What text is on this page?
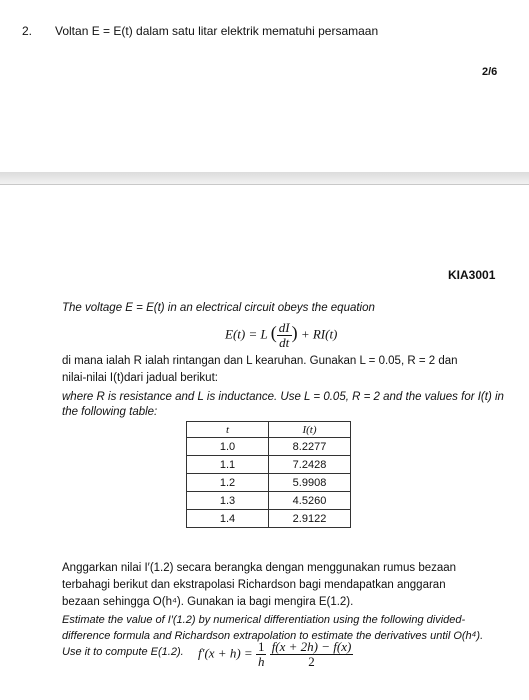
2. Voltan E = E(t) dalam satu litar elektrik mematuhi persamaan
2/6
KIA3001
The voltage E = E(t) in an electrical circuit obeys the equation
E(t) = L ( $\frac{dI}{dt}$ ) + RI(t)
di mana ialah R ialah rintangan dan L kearuhan. Gunakan L = 0.05, R = 2 dan
nilai-nilai I(t)dari jadual berikut:
where R is resistance and L is inductance. Use L = 0.05, R = 2 and the values for I(t) in
the following table:
t	I(t)
1.0	8.2277
1.1	7.2428
1.2	5.9908
1.3	4.5260
1.4	2.9122
Anggarkan nilai I′(1.2) secara berangka dengan menggunakan rumus bezaan
terbahagi berikut dan ekstrapolasi Richardson bagi mendapatkan anggaran
bezaan sehingga O(h⁴). Gunakan ia bagi mengira E(1.2).
Estimate the value of I′(1.2) by numerical differentiation using the following divided-
difference formula and Richardson extrapolation to estimate the derivatives until O(h⁴).
Use it to compute E(1.2). $f'(x + h) = \frac{1}{h}$
$\frac{f(x + 2h) - f(x)}{2}$
